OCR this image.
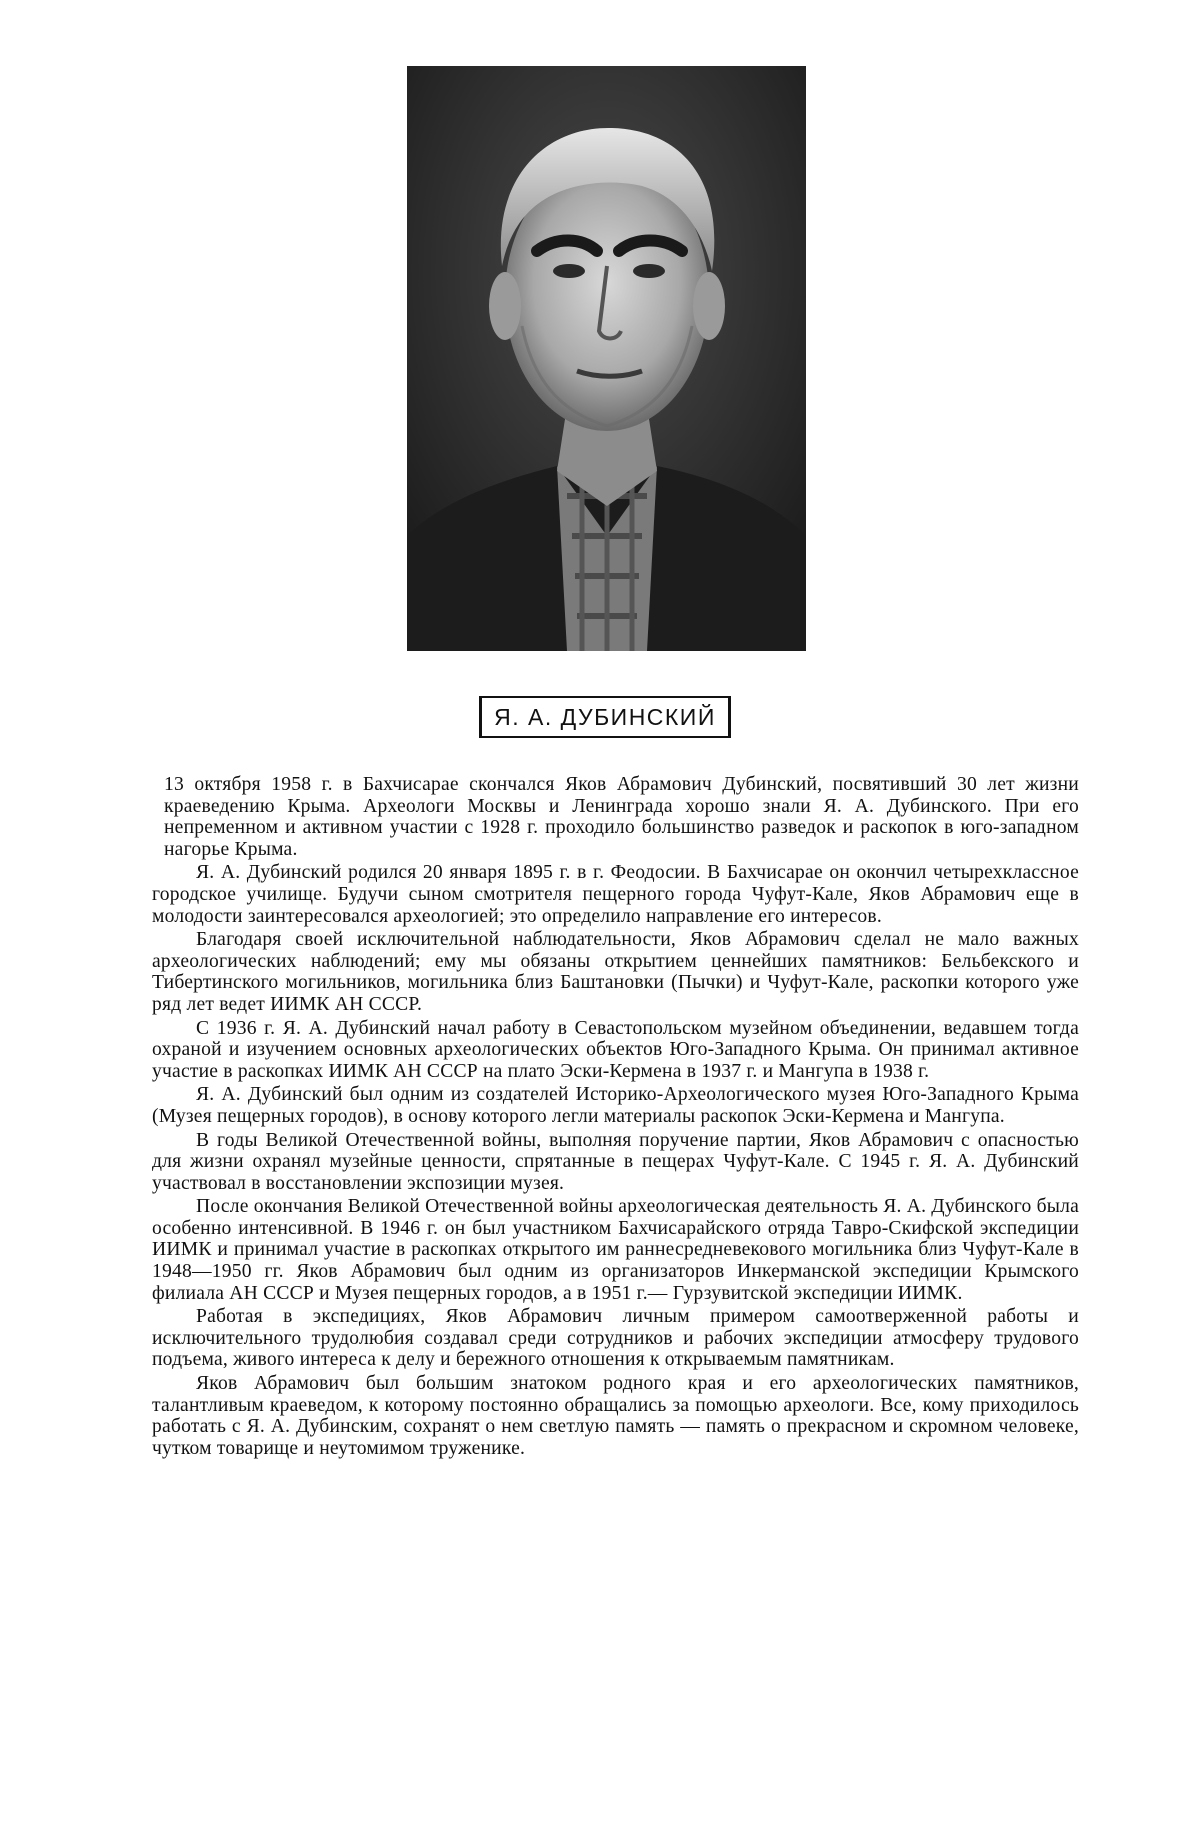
Я. А. ДУБИНСКИЙ

13 октября 1958 г. в Бахчисарае скончался Яков Абрамович Дубинский, посвятивший 30 лет жизни краеведению Крыма. Археологи Москвы и Ленинграда хорошо знали Я. А. Дубинского. При его непременном и активном участии с 1928 г. проходило большинство разведок и раскопок в юго-западном нагорье Крыма.

Я. А. Дубинский родился 20 января 1895 г. в г. Феодосии. В Бахчисарае он окончил четырехклассное городское училище. Будучи сыном смотрителя пещерного города Чуфут-Кале, Яков Абрамович еще в молодости заинтересовался археологией; это определило направление его интересов.

Благодаря своей исключительной наблюдательности, Яков Абрамович сделал не мало важных археологических наблюдений; ему мы обязаны открытием ценнейших памятников: Бельбекского и Тибертинского могильников, могильника близ Баштановки (Пычки) и Чуфут-Кале, раскопки которого уже ряд лет ведет ИИМК АН СССР.

С 1936 г. Я. А. Дубинский начал работу в Севастопольском музейном объединении, ведавшем тогда охраной и изучением основных археологических объектов Юго-Западного Крыма. Он принимал активное участие в раскопках ИИМК АН СССР на плато Эски-Кермена в 1937 г. и Мангупа в 1938 г.

Я. А. Дубинский был одним из создателей Историко-Археологического музея Юго-Западного Крыма (Музея пещерных городов), в основу которого легли материалы раскопок Эски-Кермена и Мангупа.

В годы Великой Отечественной войны, выполняя поручение партии, Яков Абрамович с опасностью для жизни охранял музейные ценности, спрятанные в пещерах Чуфут-Кале. С 1945 г. Я. А. Дубинский участвовал в восстановлении экспозиции музея.

После окончания Великой Отечественной войны археологическая деятельность Я. А. Дубинского была особенно интенсивной. В 1946 г. он был участником Бахчисарайского отряда Тавро-Скифской экспедиции ИИМК и принимал участие в раскопках открытого им раннесредневекового могильника близ Чуфут-Кале в 1948—1950 гг. Яков Абрамович был одним из организаторов Инкерманской экспедиции Крымского филиала АН СССР и Музея пещерных городов, а в 1951 г.— Гурзувитской экспедиции ИИМК.

Работая в экспедициях, Яков Абрамович личным примером самоотверженной работы и исключительного трудолюбия создавал среди сотрудников и рабочих экспедиции атмосферу трудового подъема, живого интереса к делу и бережного отношения к открываемым памятникам.

Яков Абрамович был большим знатоком родного края и его археологических памятников, талантливым краеведом, к которому постоянно обращались за помощью археологи. Все, кому приходилось работать с Я. А. Дубинским, сохранят о нем светлую память — память о прекрасном и скромном человеке, чутком товарище и неутомимом труженике.
